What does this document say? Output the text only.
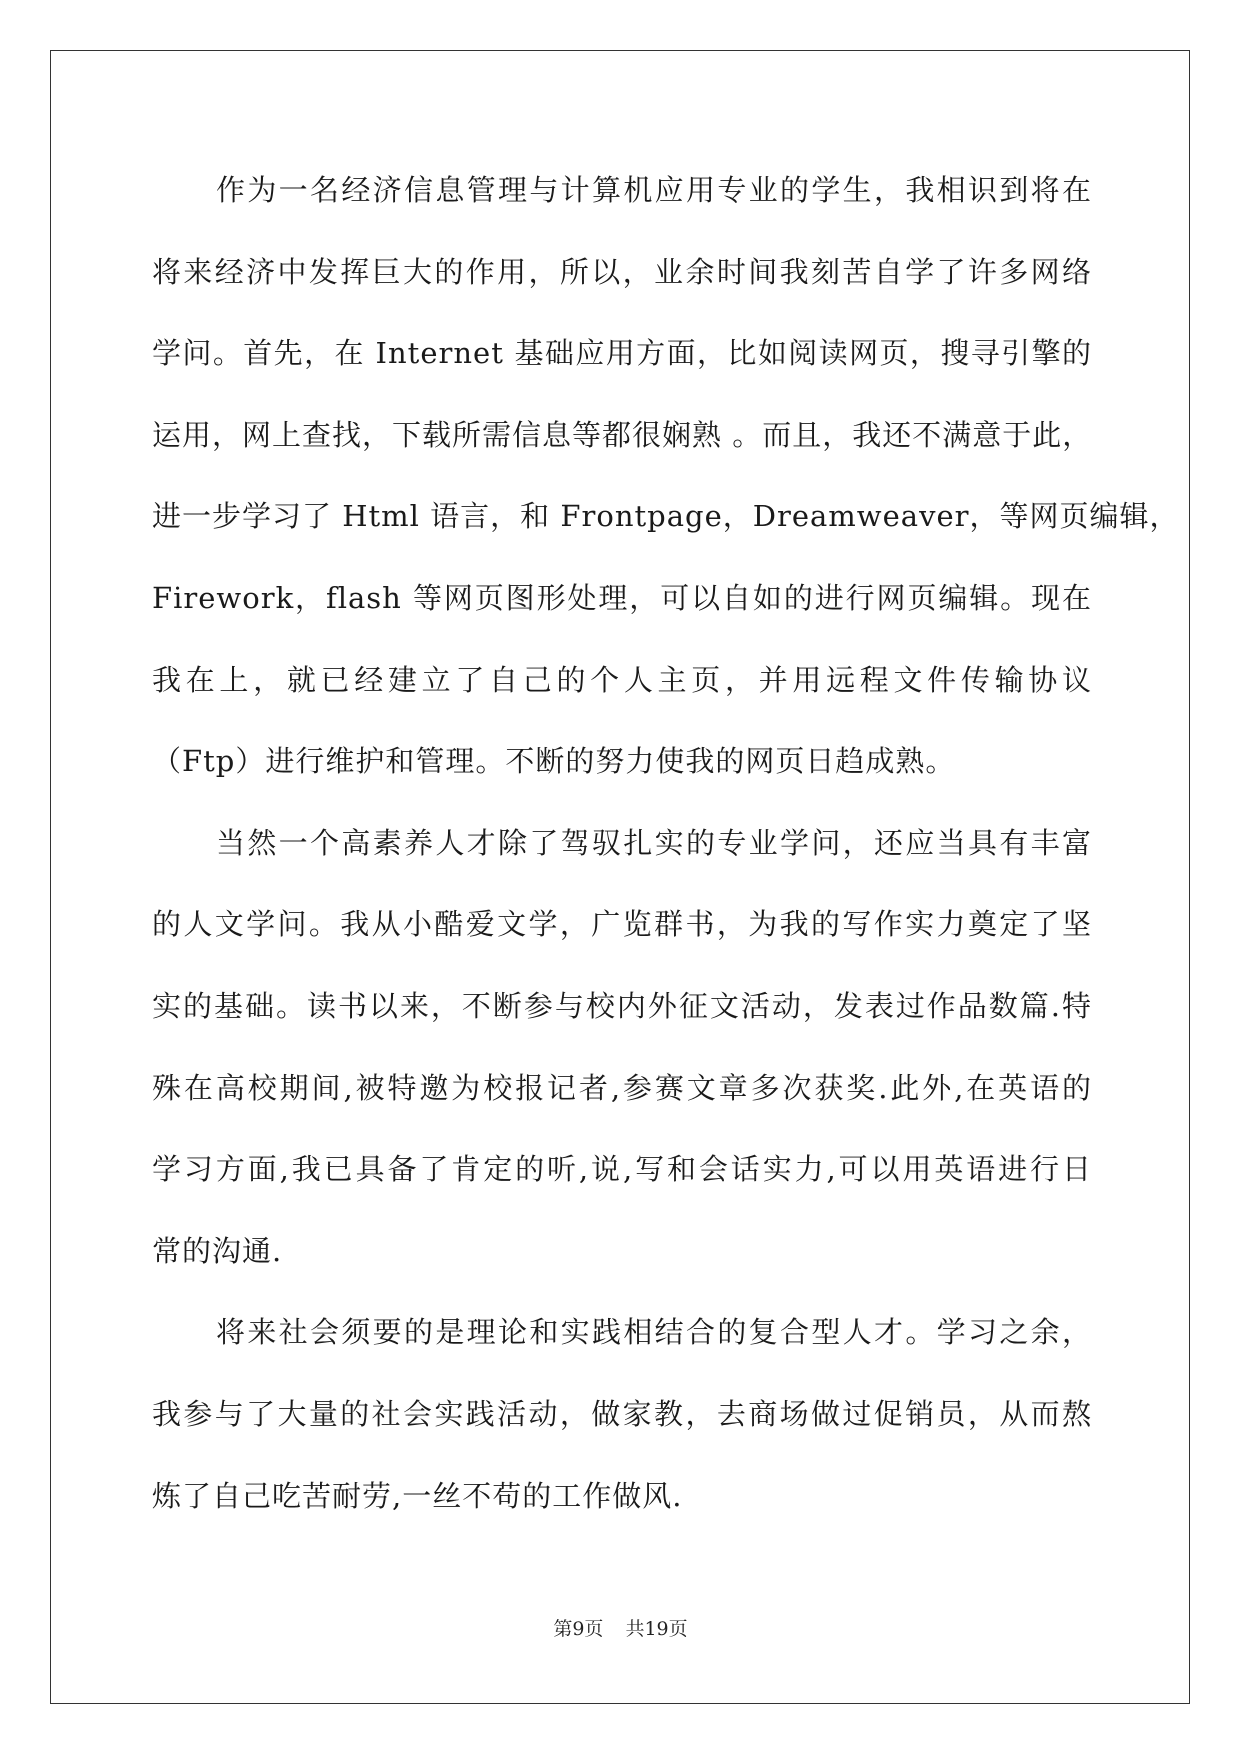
作为一名经济信息管理与计算机应用专业的学生，我相识到将在
将来经济中发挥巨大的作用，所以，业余时间我刻苦自学了许多网络
学问。首先，在 Internet 基础应用方面，比如阅读网页，搜寻引擎的
运用，网上查找，下载所需信息等都很娴熟 。而且，我还不满意于此，
进一步学习了 Html 语言，和 Frontpage，Dreamweaver，等网页编辑，
Firework，flash 等网页图形处理，可以自如的进行网页编辑。现在
我在上，就已经建立了自己的个人主页，并用远程文件传输协议
（Ftp）进行维护和管理。不断的努力使我的网页日趋成熟。
当然一个高素养人才除了驾驭扎实的专业学问，还应当具有丰富
的人文学问。我从小酷爱文学，广览群书，为我的写作实力奠定了坚
实的基础。读书以来，不断参与校内外征文活动，发表过作品数篇.特
殊在高校期间,被特邀为校报记者,参赛文章多次获奖.此外,在英语的
学习方面,我已具备了肯定的听,说,写和会话实力,可以用英语进行日
常的沟通.
将来社会须要的是理论和实践相结合的复合型人才。学习之余，
我参与了大量的社会实践活动，做家教，去商场做过促销员，从而熬
炼了自己吃苦耐劳,一丝不苟的工作做风.
第9页 共19页
